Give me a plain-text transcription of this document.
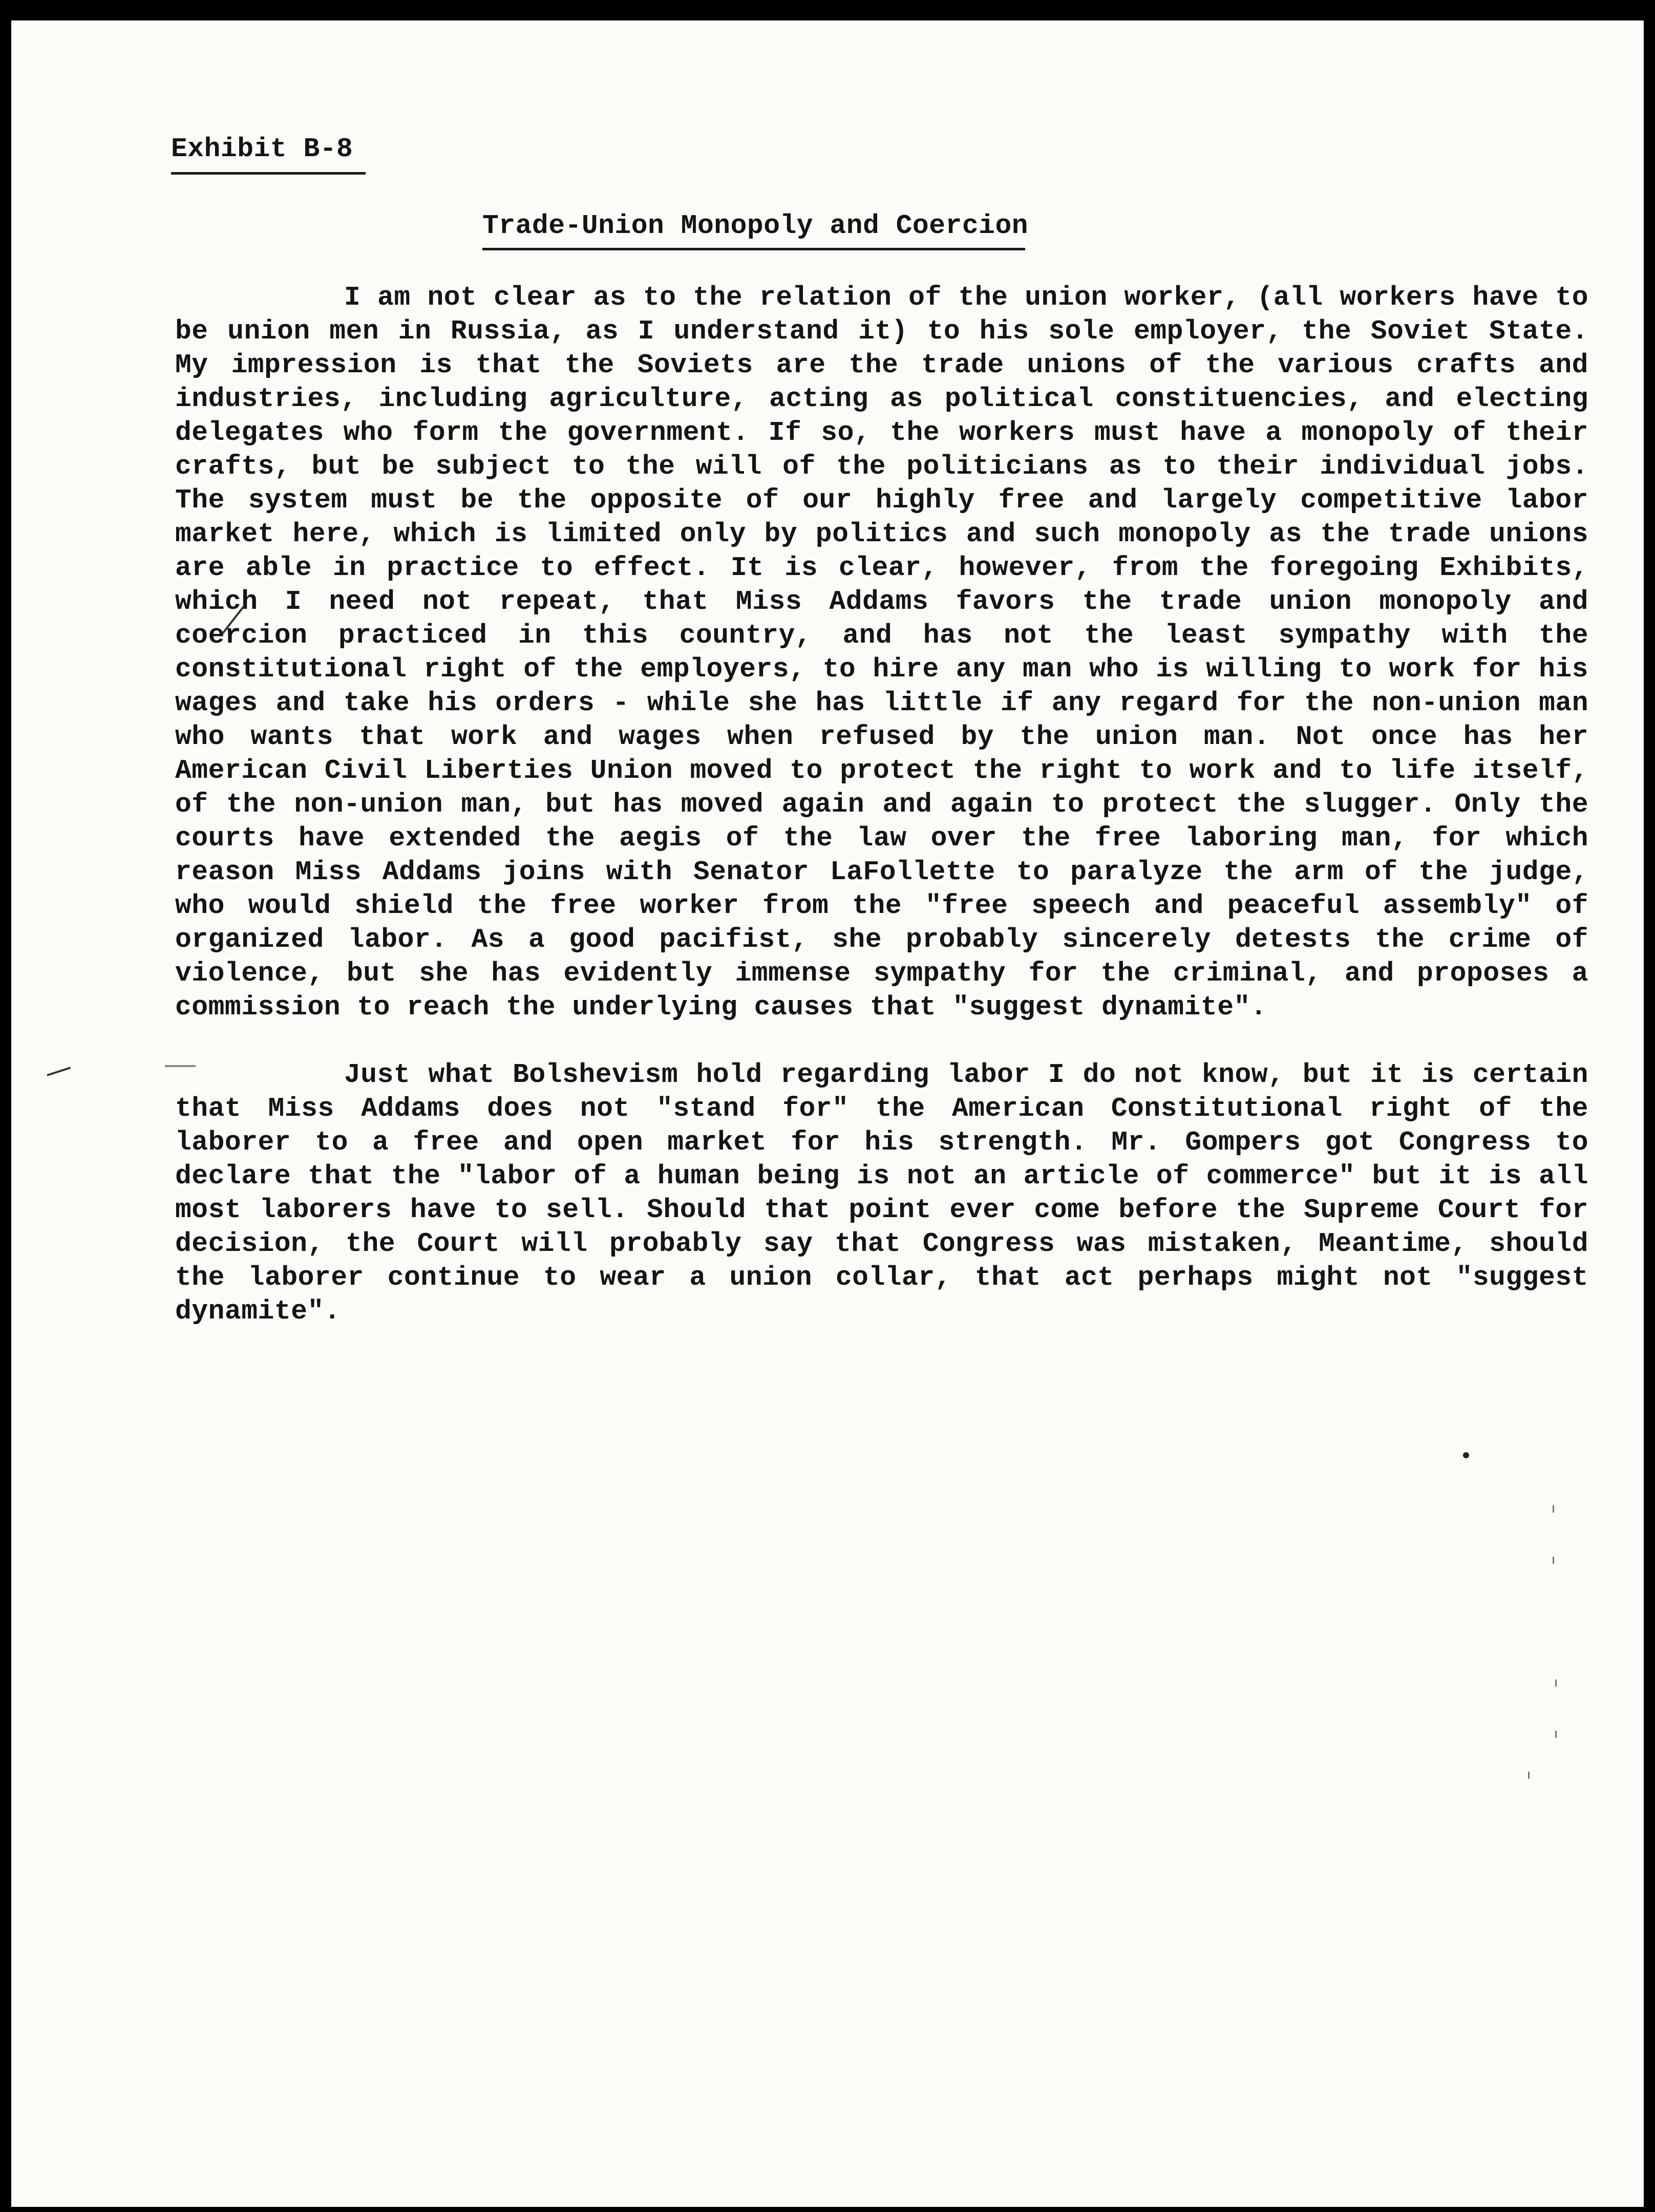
Exhibit B-8
Trade-Union Monopoly and Coercion

I am not clear as to the relation of the union worker, (all workers have to be union men in Russia, as I understand it) to his sole employer, the Soviet State. My impression is that the Soviets are the trade unions of the various crafts and industries, including agriculture, acting as political constituencies, and electing delegates who form the government. If so, the workers must have a monopoly of their crafts, but be subject to the will of the politicians as to their individual jobs. The system must be the opposite of our highly free and largely competitive labor market here, which is limited only by politics and such monopoly as the trade unions are able in practice to effect. It is clear, however, from the foregoing Exhibits, which I need not repeat, that Miss Addams favors the trade union monopoly and coercion practiced in this country, and has not the least sympathy with the constitutional right of the employers, to hire any man who is willing to work for his wages and take his orders - while she has little if any regard for the non-union man who wants that work and wages when refused by the union man. Not once has her American Civil Liberties Union moved to protect the right to work and to life itself, of the non-union man, but has moved again and again to protect the slugger. Only the courts have extended the aegis of the law over the free laboring man, for which reason Miss Addams joins with Senator LaFollette to paralyze the arm of the judge, who would shield the free worker from the "free speech and peaceful assembly" of organized labor. As a good pacifist, she probably sincerely detests the crime of violence, but she has evidently immense sympathy for the criminal, and proposes a commission to reach the underlying causes that "suggest dynamite".

Just what Bolshevism hold regarding labor I do not know, but it is certain that Miss Addams does not "stand for" the American Constitutional right of the laborer to a free and open market for his strength. Mr. Gompers got Congress to declare that the "labor of a human being is not an article of commerce" but it is all most laborers have to sell. Should that point ever come before the Supreme Court for decision, the Court will probably say that Congress was mistaken, Meantime, should the laborer continue to wear a union collar, that act perhaps might not "suggest dynamite".
